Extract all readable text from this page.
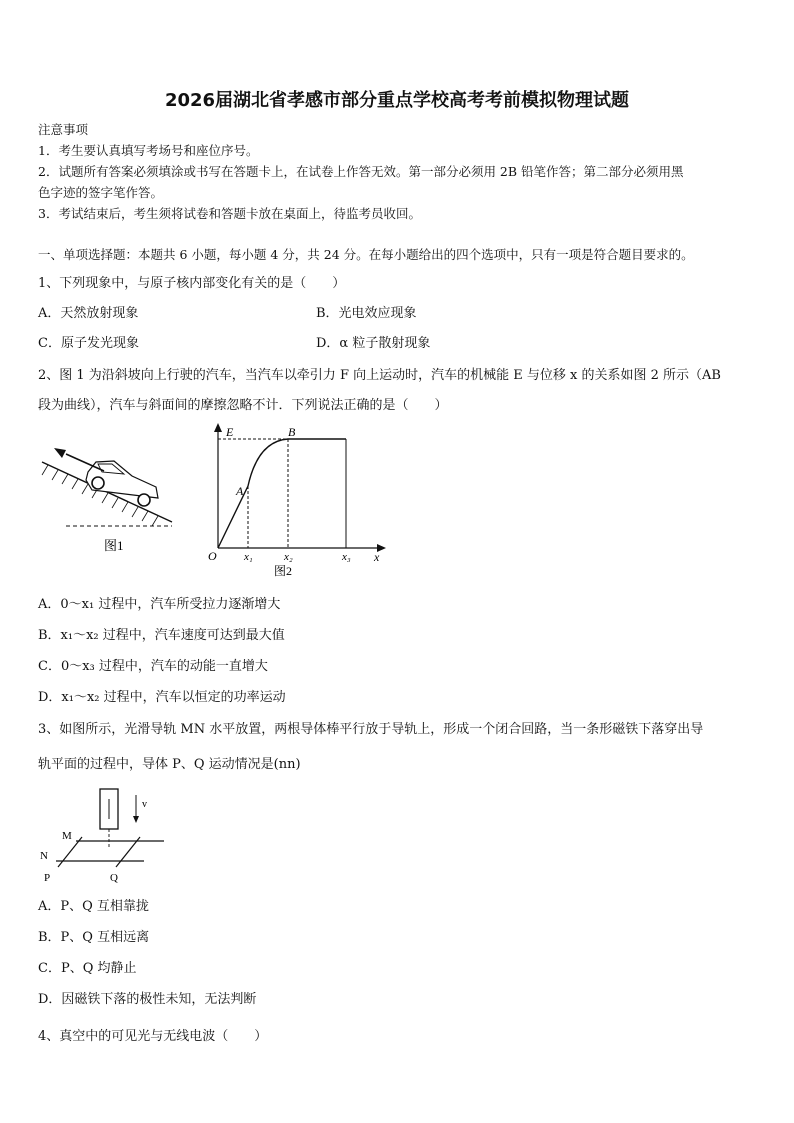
2026届湖北省孝感市部分重点学校高考考前模拟物理试题
注意事项
1．考生要认真填写考场号和座位序号。
2．试题所有答案必须填涂或书写在答题卡上，在试卷上作答无效。第一部分必须用 2B 铅笔作答；第二部分必须用黑
色字迹的签字笔作答。
3．考试结束后，考生须将试卷和答题卡放在桌面上，待监考员收回。
一、单项选择题：本题共 6 小题，每小题 4 分，共 24 分。在每小题给出的四个选项中，只有一项是符合题目要求的。
1、下列现象中，与原子核内部变化有关的是（　　）
A．天然放射现象	B．光电效应现象
C．原子发光现象	D．α 粒子散射现象
2、图 1 为沿斜坡向上行驶的汽车，当汽车以牵引力 F 向上运动时，汽车的机械能 E 与位移 x 的关系如图 2 所示（AB
段为曲线），汽车与斜面间的摩擦忽略不计．下列说法正确的是（　　）
图1
E	B
A
O x₁	x₂	x₃ x
图2
A．0～x₁ 过程中，汽车所受拉力逐渐增大
B．x₁～x₂ 过程中，汽车速度可达到最大值
C．0～x₃ 过程中，汽车的动能一直增大
D．x₁～x₂ 过程中，汽车以恒定的功率运动
3、如图所示，光滑导轨 MN 水平放置，两根导体棒平行放于导轨上，形成一个闭合回路，当一条形磁铁下落穿出导
轨平面的过程中，导体 P、Q 运动情况是(nn)
v
M
N
P	Q
A．P、Q 互相靠拢
B．P、Q 互相远离
C．P、Q 均静止
D．因磁铁下落的极性未知，无法判断
4、真空中的可见光与无线电波（　　）
